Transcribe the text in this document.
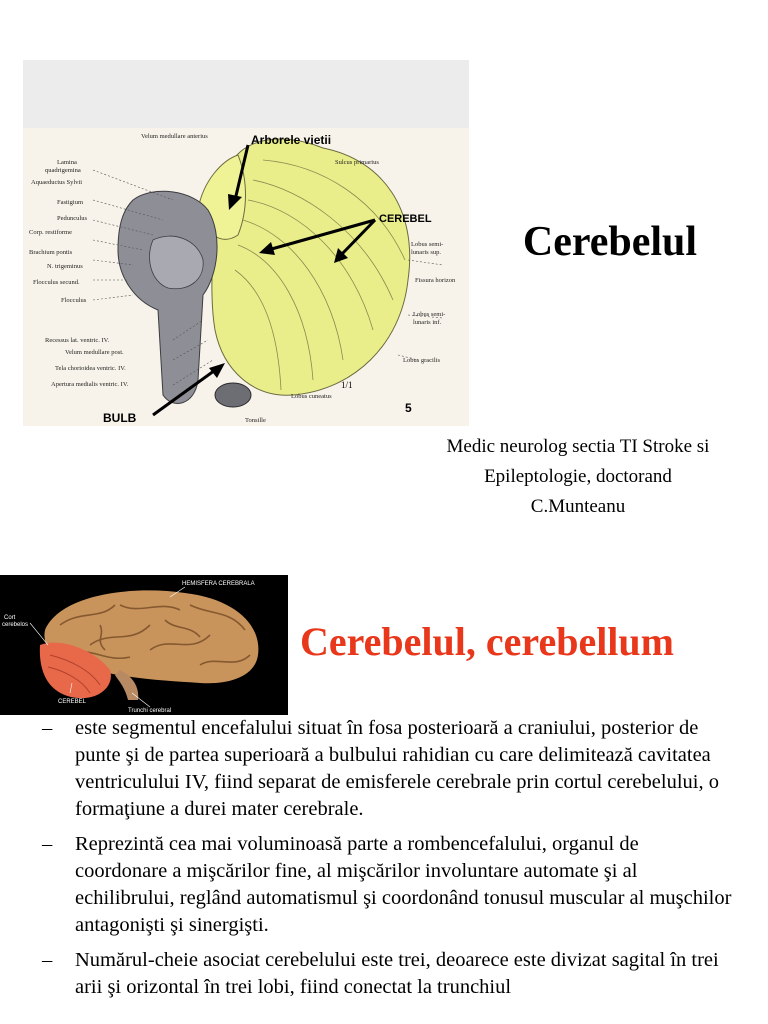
Arborele vietii
CEREBEL
BULB
5
1/1
Velum medullare anterius
Sulcus primarius
Lamina
quadrigemina
Aquaeductus Sylvii
Fastigium
Pedunculus
Corp. restiforme
Brachium pontis
N. trigeminus
Flocculus secund.
Flocculus
Recessus lat. ventric. IV.
Velum medullare post.
Tela chorioidea ventric. IV.
Apertura medialis ventric. IV.
Lobus semi-
lunaris sup.
Fissura horizon
Lobus semi-
lunaris inf.
Lobus gracilis
Lobus cuneatus
Tonsille
Cerebelul
Medic neurolog sectia TI Stroke si
Epileptologie, doctorand
C.Munteanu
HEMISFERA CEREBRALA
Cort
cerebelos
CEREBEL
Trunchi cerebral
Cerebelul, cerebellum
– este segmentul encefalului situat în fosa posterioară a craniului, posterior de punte şi de partea superioară a bulbului rahidian cu care delimitează cavitatea ventriculului IV, fiind separat de emisferele cerebrale prin cortul cerebelului, o formaţiune a durei mater cerebrale.
– Reprezintă cea mai voluminoasă parte a rombencefalului, organul de coordonare a mişcărilor fine, al mişcărilor involuntare automate şi al echilibrului, reglând automatismul şi coordonând tonusul muscular al muşchilor antagonişti şi sinergişti.
– Numărul-cheie asociat cerebelului este trei, deoarece este divizat sagital în trei arii şi orizontal în trei lobi, fiind conectat la trunchiul
